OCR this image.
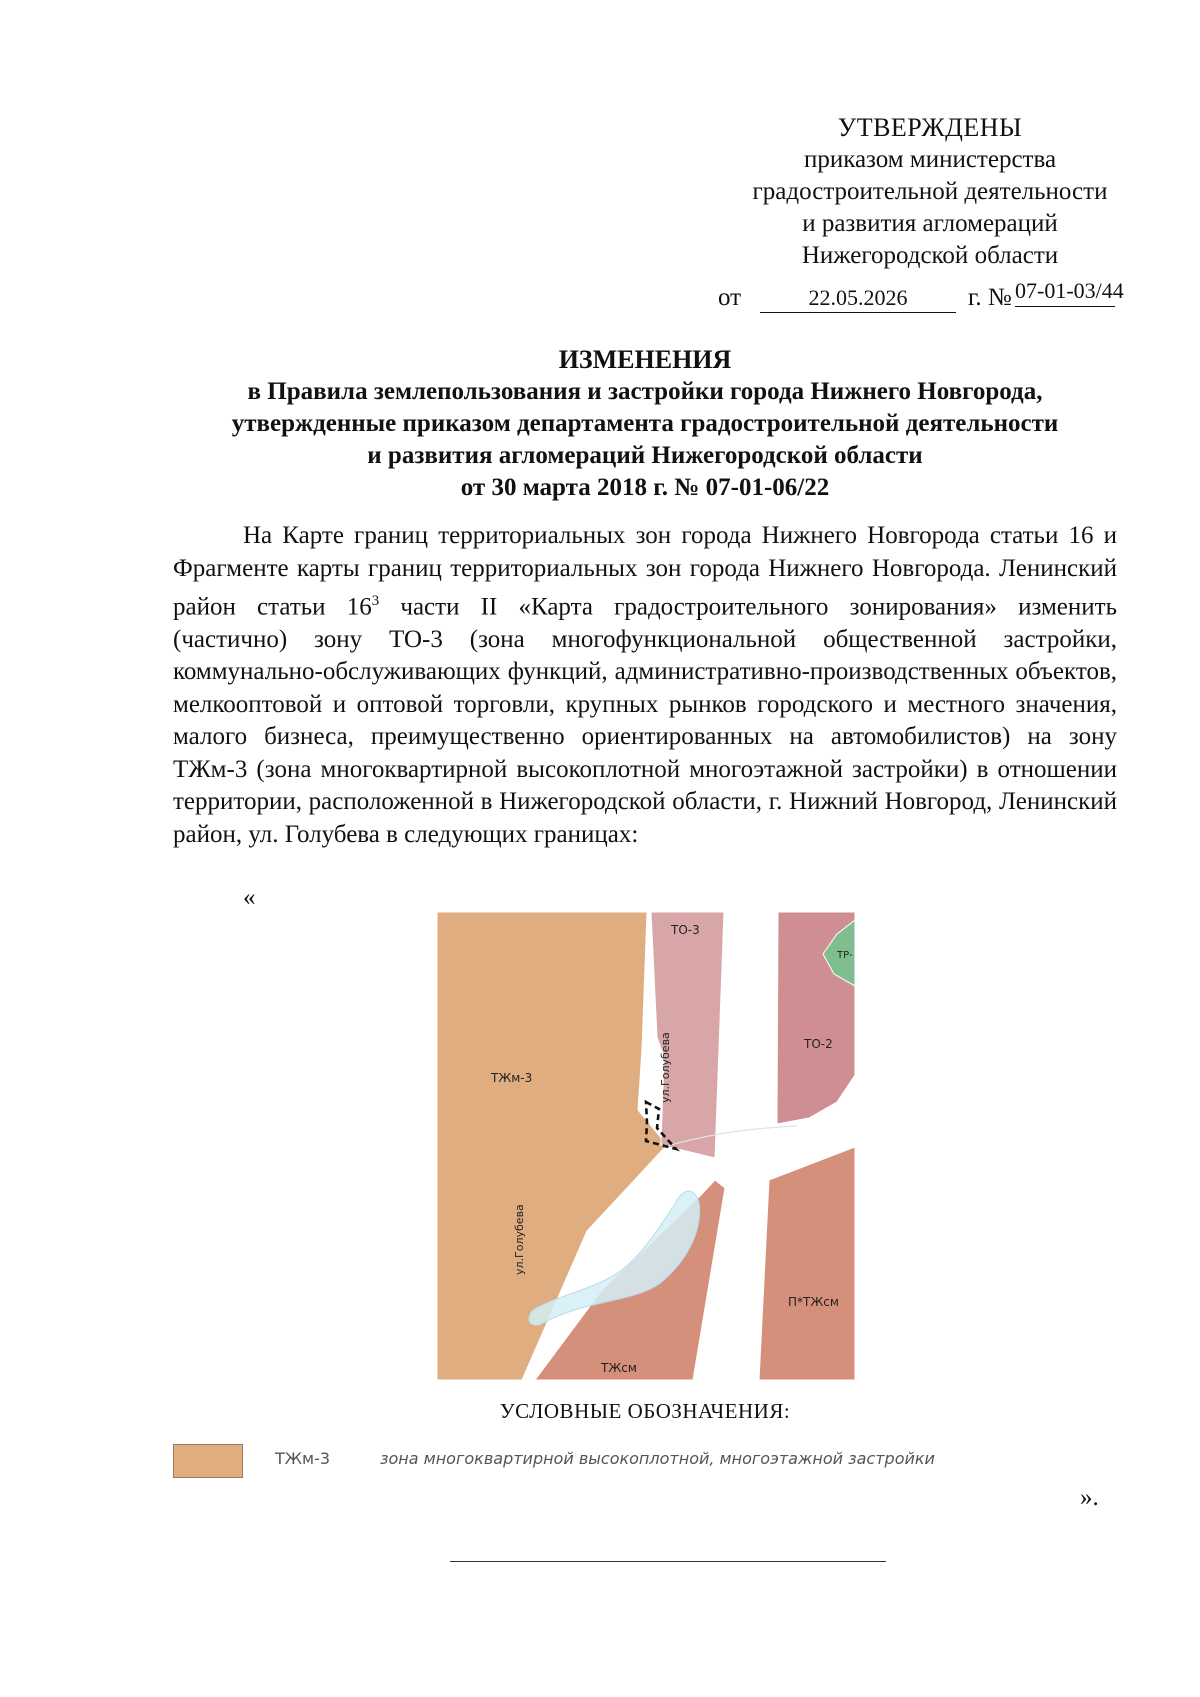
УТВЕРЖДЕНЫ
приказом министерства
градостроительной деятельности
и развития агломераций
Нижегородской области
от	22.05.2026	г. № 07-01-03/44
ИЗМЕНЕНИЯ
в Правила землепользования и застройки города Нижнего Новгорода,
утвержденные приказом департамента градостроительной деятельности
и развития агломераций Нижегородской области
от 30 марта 2018 г. № 07-01-06/22

На Карте границ территориальных зон города Нижнего Новгорода статьи 16 и Фрагменте карты границ территориальных зон города Нижнего Новгорода. Ленинский район статьи $16^3$ части II «Карта градостроительного зонирования» изменить (частично) зону ТО-3 (зона многофункциональной общественной застройки, коммунально-обслуживающих функций, административно-производственных объектов, мелкооптовой и оптовой торговли, крупных рынков городского и местного значения, малого бизнеса, преимущественно ориентированных на автомобилистов) на зону ТЖм-3 (зона многоквартирной высокоплотной многоэтажной застройки) в отношении территории, расположенной в Нижегородской области, г. Нижний Новгород, Ленинский район, ул. Голубева в следующих границах:

«
ТО-3
ТО-2
ТР-
ТЖм-3
ул.Голубева
ул.Голубева
П*ТЖсм
ТЖсм
УСЛОВНЫЕ ОБОЗНАЧЕНИЯ:
ТЖм-3	зона многоквартирной высокоплотной, многоэтажной застройки
».
